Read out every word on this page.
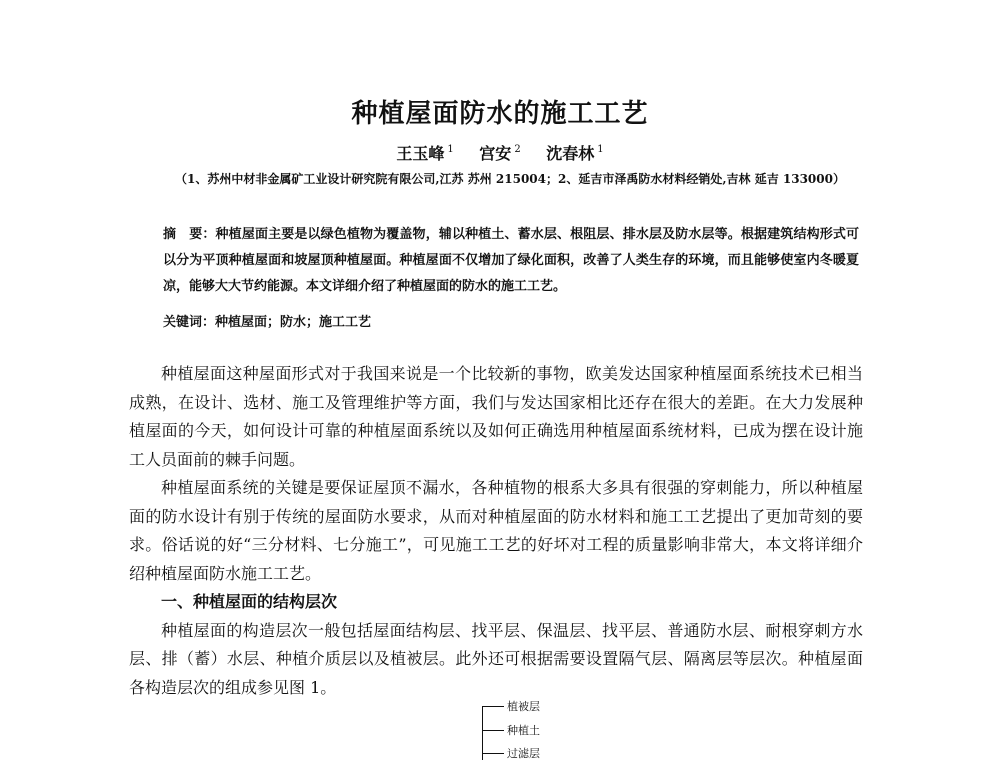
种植屋面防水的施工工艺
王玉峰 $^1$ 宫安 $^2$ 沈春林 $^1$
（1、苏州中材非金属矿工业设计研究院有限公司,江苏 苏州 215004；2、延吉市泽禹防水材料经销处,吉林 延吉 133000）

摘　要：种植屋面主要是以绿色植物为覆盖物，辅以种植土、蓄水层、根阻层、排水层及防水层等。根据建筑结构形式可以分为平顶种植屋面和坡屋顶种植屋面。种植屋面不仅增加了绿化面积，改善了人类生存的环境，而且能够使室内冬暖夏凉，能够大大节约能源。本文详细介绍了种植屋面的防水的施工工艺。

关键词：种植屋面；防水；施工工艺

种植屋面这种屋面形式对于我国来说是一个比较新的事物，欧美发达国家种植屋面系统技术已相当成熟，在设计、选材、施工及管理维护等方面，我们与发达国家相比还存在很大的差距。在大力发展种植屋面的今天，如何设计可靠的种植屋面系统以及如何正确选用种植屋面系统材料，已成为摆在设计施工人员面前的棘手问题。

种植屋面系统的关键是要保证屋顶不漏水，各种植物的根系大多具有很强的穿刺能力，所以种植屋面的防水设计有别于传统的屋面防水要求，从而对种植屋面的防水材料和施工工艺提出了更加苛刻的要求。俗话说的好“三分材料、七分施工”，可见施工工艺的好坏对工程的质量影响非常大，本文将详细介绍种植屋面防水施工工艺。

一、种植屋面的结构层次

种植屋面的构造层次一般包括屋面结构层、找平层、保温层、找平层、普通防水层、耐根穿刺方水层、排（蓄）水层、种植介质层以及植被层。此外还可根据需要设置隔气层、隔离层等层次。种植屋面各构造层次的组成参见图 1。

植被层
种植土
过滤层
